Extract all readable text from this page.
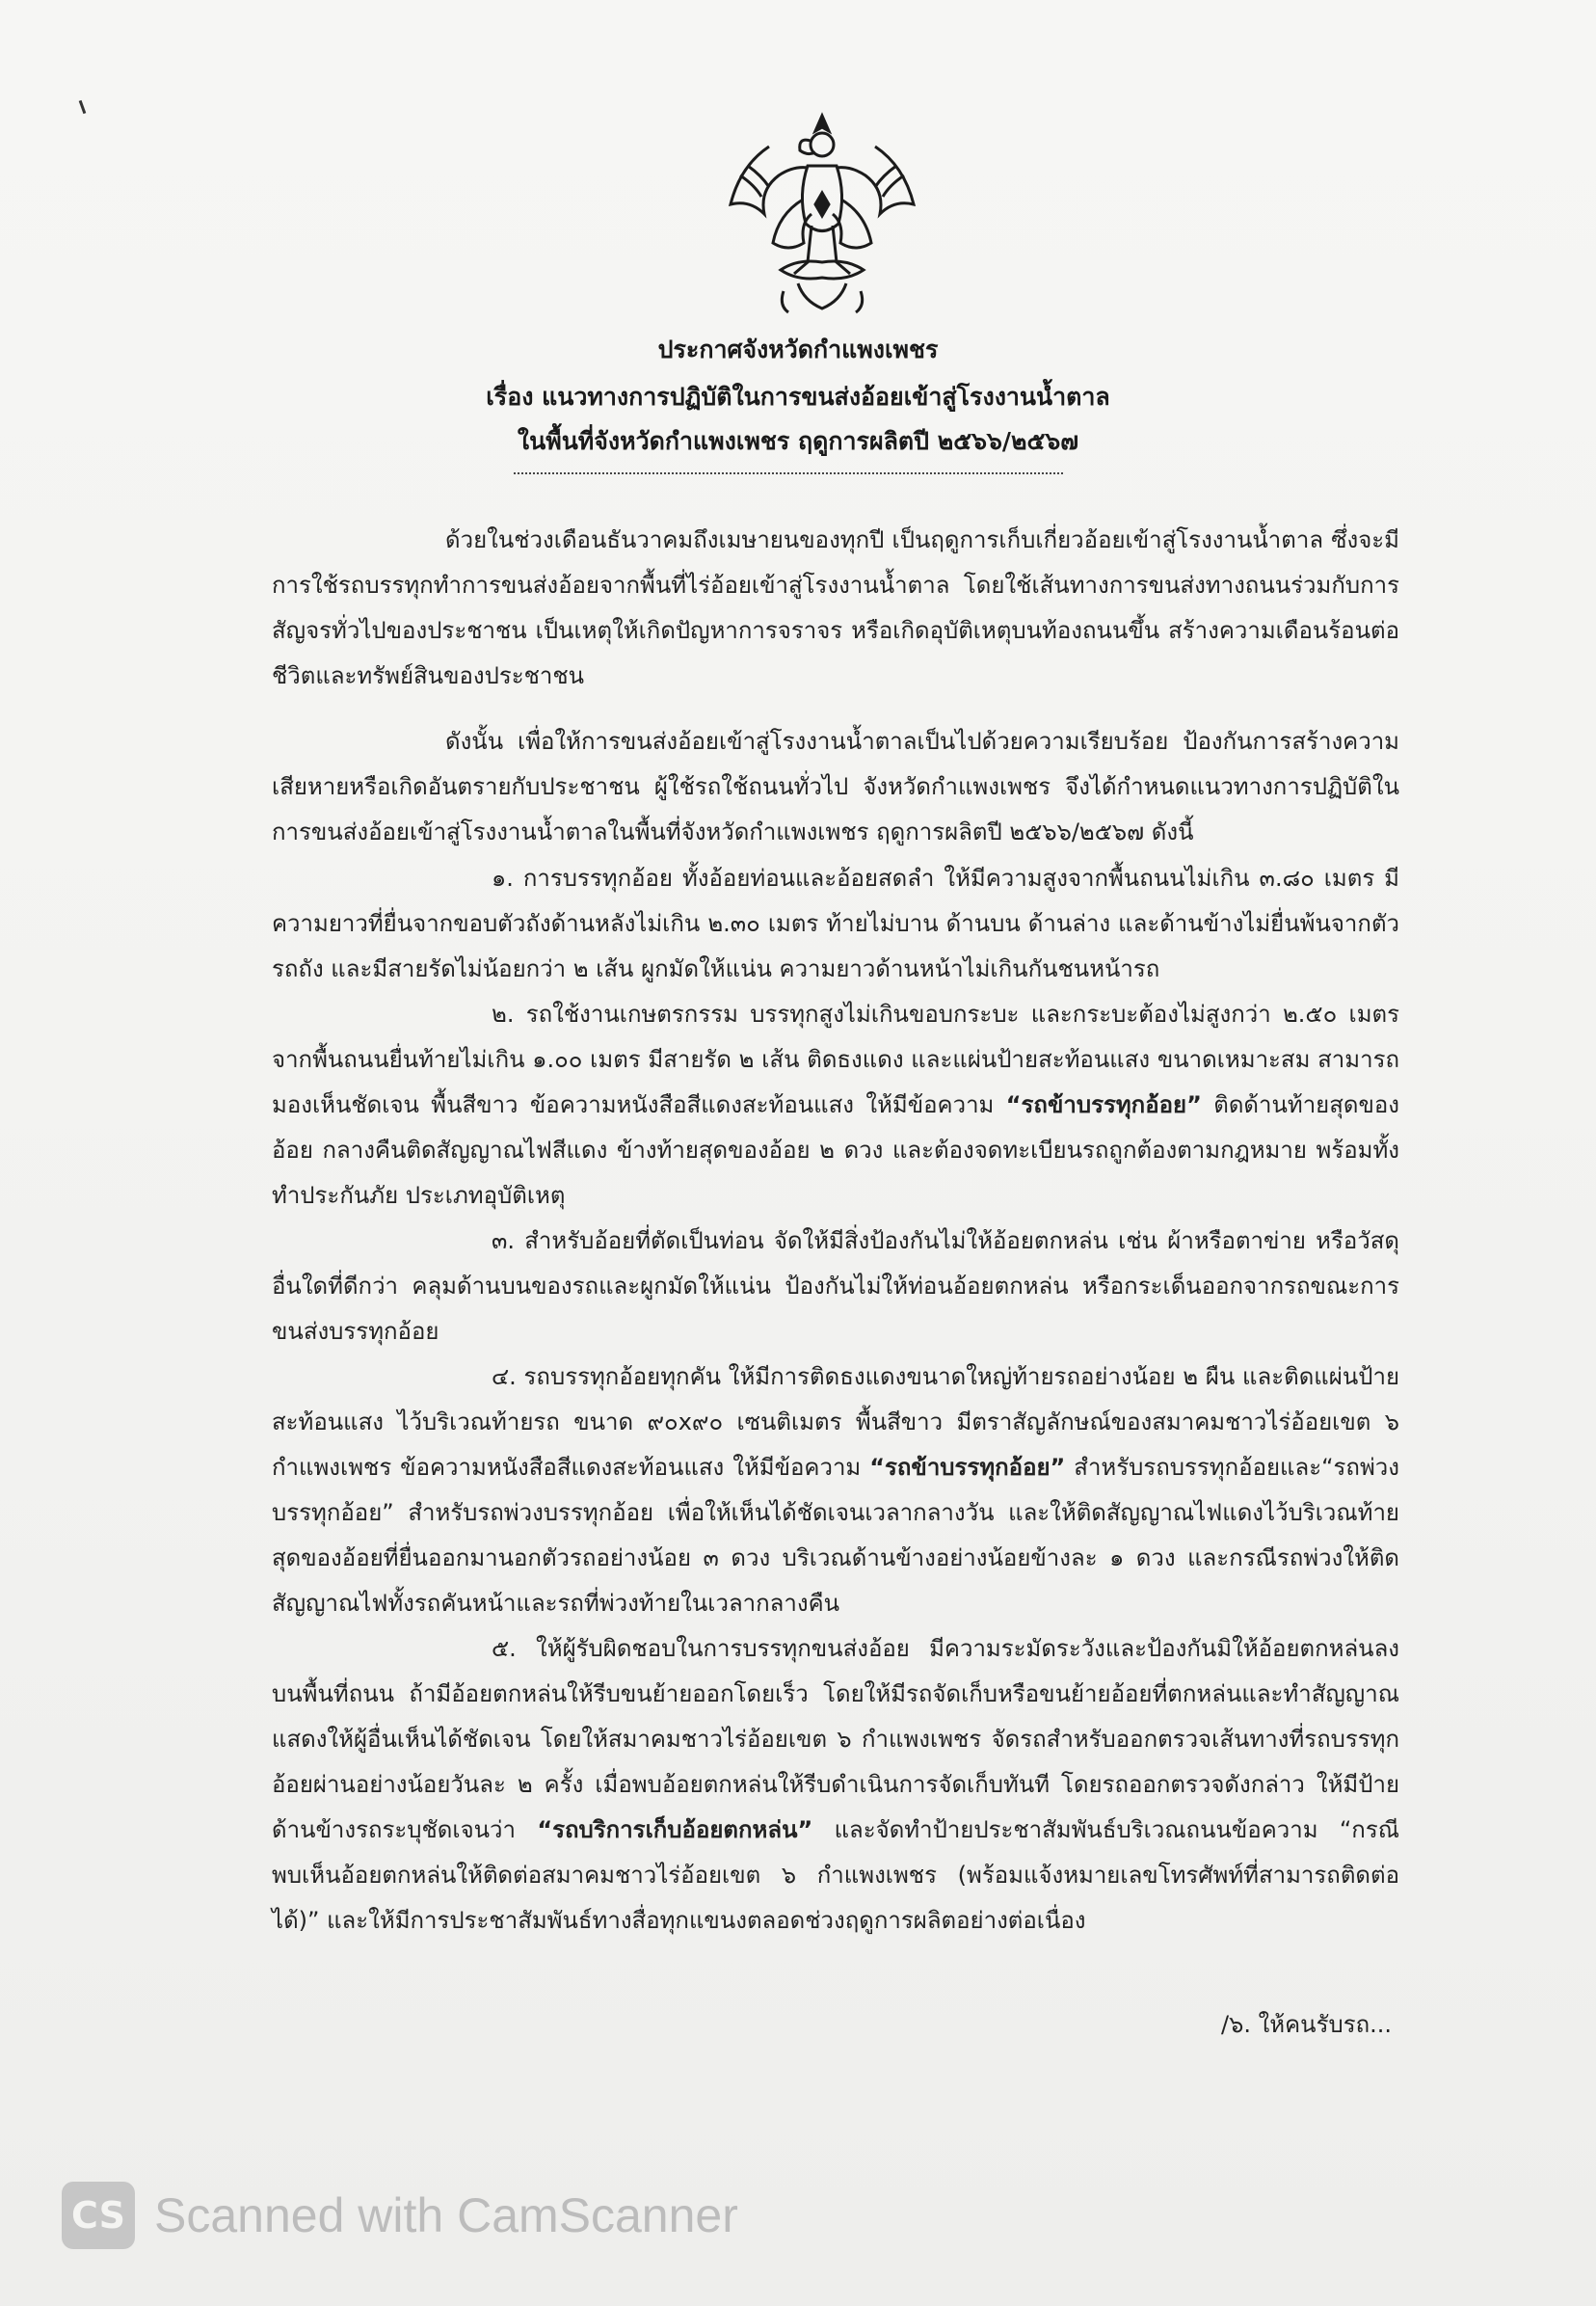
ประกาศจังหวัดกำแพงเพชร
เรื่อง แนวทางการปฏิบัติในการขนส่งอ้อยเข้าสู่โรงงานน้ำตาล
ในพื้นที่จังหวัดกำแพงเพชร ฤดูการผลิตปี ๒๕๖๖/๒๕๖๗
ด้วยในช่วงเดือนธันวาคมถึงเมษายนของทุกปี เป็นฤดูการเก็บเกี่ยวอ้อยเข้าสู่โรงงานน้ำตาล ซึ่งจะมีการใช้รถบรรทุกทำการขนส่งอ้อยจากพื้นที่ไร่อ้อยเข้าสู่โรงงานน้ำตาล โดยใช้เส้นทางการขนส่งทางถนนร่วมกับการสัญจรทั่วไปของประชาชน เป็นเหตุให้เกิดปัญหาการจราจร หรือเกิดอุบัติเหตุบนท้องถนนขึ้น สร้างความเดือนร้อนต่อชีวิตและทรัพย์สินของประชาชน
ดังนั้น เพื่อให้การขนส่งอ้อยเข้าสู่โรงงานน้ำตาลเป็นไปด้วยความเรียบร้อย ป้องกันการสร้างความเสียหายหรือเกิดอันตรายกับประชาชน ผู้ใช้รถใช้ถนนทั่วไป จังหวัดกำแพงเพชร จึงได้กำหนดแนวทางการปฏิบัติในการขนส่งอ้อยเข้าสู่โรงงานน้ำตาลในพื้นที่จังหวัดกำแพงเพชร ฤดูการผลิตปี ๒๕๖๖/๒๕๖๗ ดังนี้
๑. การบรรทุกอ้อย ทั้งอ้อยท่อนและอ้อยสดลำ ให้มีความสูงจากพื้นถนนไม่เกิน ๓.๘๐ เมตร มีความยาวที่ยื่นจากขอบตัวถังด้านหลังไม่เกิน ๒.๓๐ เมตร ท้ายไม่บาน ด้านบน ด้านล่าง และด้านข้างไม่ยื่นพ้นจากตัวรถถัง และมีสายรัดไม่น้อยกว่า ๒ เส้น ผูกมัดให้แน่น ความยาวด้านหน้าไม่เกินกันชนหน้ารถ
๒. รถใช้งานเกษตรกรรม บรรทุกสูงไม่เกินขอบกระบะ และกระบะต้องไม่สูงกว่า ๒.๕๐ เมตร จากพื้นถนนยื่นท้ายไม่เกิน ๑.๐๐ เมตร มีสายรัด ๒ เส้น ติดธงแดง และแผ่นป้ายสะท้อนแสง ขนาดเหมาะสม สามารถมองเห็นชัดเจน พื้นสีขาว ข้อความหนังสือสีแดงสะท้อนแสง ให้มีข้อความ “รถข้าบรรทุกอ้อย” ติดด้านท้ายสุดของอ้อย กลางคืนติดสัญญาณไฟสีแดง ข้างท้ายสุดของอ้อย ๒ ดวง และต้องจดทะเบียนรถถูกต้องตามกฎหมาย พร้อมทั้งทำประกันภัย ประเภทอุบัติเหตุ
๓. สำหรับอ้อยที่ตัดเป็นท่อน จัดให้มีสิ่งป้องกันไม่ให้อ้อยตกหล่น เช่น ผ้าหรือตาข่าย หรือวัสดุอื่นใดที่ดีกว่า คลุมด้านบนของรถและผูกมัดให้แน่น ป้องกันไม่ให้ท่อนอ้อยตกหล่น หรือกระเด็นออกจากรถขณะการขนส่งบรรทุกอ้อย
๔. รถบรรทุกอ้อยทุกคัน ให้มีการติดธงแดงขนาดใหญ่ท้ายรถอย่างน้อย ๒ ผืน และติดแผ่นป้ายสะท้อนแสง ไว้บริเวณท้ายรถ ขนาด ๙๐x๙๐ เซนติเมตร พื้นสีขาว มีตราสัญลักษณ์ของสมาคมชาวไร่อ้อยเขต ๖ กำแพงเพชร ข้อความหนังสือสีแดงสะท้อนแสง ให้มีข้อความ “รถข้าบรรทุกอ้อย” สำหรับรถบรรทุกอ้อยและ“รถพ่วงบรรทุกอ้อย” สำหรับรถพ่วงบรรทุกอ้อย เพื่อให้เห็นได้ชัดเจนเวลากลางวัน และให้ติดสัญญาณไฟแดงไว้บริเวณท้ายสุดของอ้อยที่ยื่นออกมานอกตัวรถอย่างน้อย ๓ ดวง บริเวณด้านข้างอย่างน้อยข้างละ ๑ ดวง และกรณีรถพ่วงให้ติดสัญญาณไฟทั้งรถคันหน้าและรถที่พ่วงท้ายในเวลากลางคืน
๕. ให้ผู้รับผิดชอบในการบรรทุกขนส่งอ้อย มีความระมัดระวังและป้องกันมิให้อ้อยตกหล่นลงบนพื้นที่ถนน ถ้ามีอ้อยตกหล่นให้รีบขนย้ายออกโดยเร็ว โดยให้มีรถจัดเก็บหรือขนย้ายอ้อยที่ตกหล่นและทำสัญญาณแสดงให้ผู้อื่นเห็นได้ชัดเจน โดยให้สมาคมชาวไร่อ้อยเขต ๖ กำแพงเพชร จัดรถสำหรับออกตรวจเส้นทางที่รถบรรทุกอ้อยผ่านอย่างน้อยวันละ ๒ ครั้ง เมื่อพบอ้อยตกหล่นให้รีบดำเนินการจัดเก็บทันที โดยรถออกตรวจดังกล่าว ให้มีป้ายด้านข้างรถระบุชัดเจนว่า “รถบริการเก็บอ้อยตกหล่น” และจัดทำป้ายประชาสัมพันธ์บริเวณถนนข้อความ “กรณีพบเห็นอ้อยตกหล่นให้ติดต่อสมาคมชาวไร่อ้อยเขต ๖ กำแพงเพชร (พร้อมแจ้งหมายเลขโทรศัพท์ที่สามารถติดต่อได้)” และให้มีการประชาสัมพันธ์ทางสื่อทุกแขนงตลอดช่วงฤดูการผลิตอย่างต่อเนื่อง
/๖. ให้คนรับรถ...
CS Scanned with CamScanner
